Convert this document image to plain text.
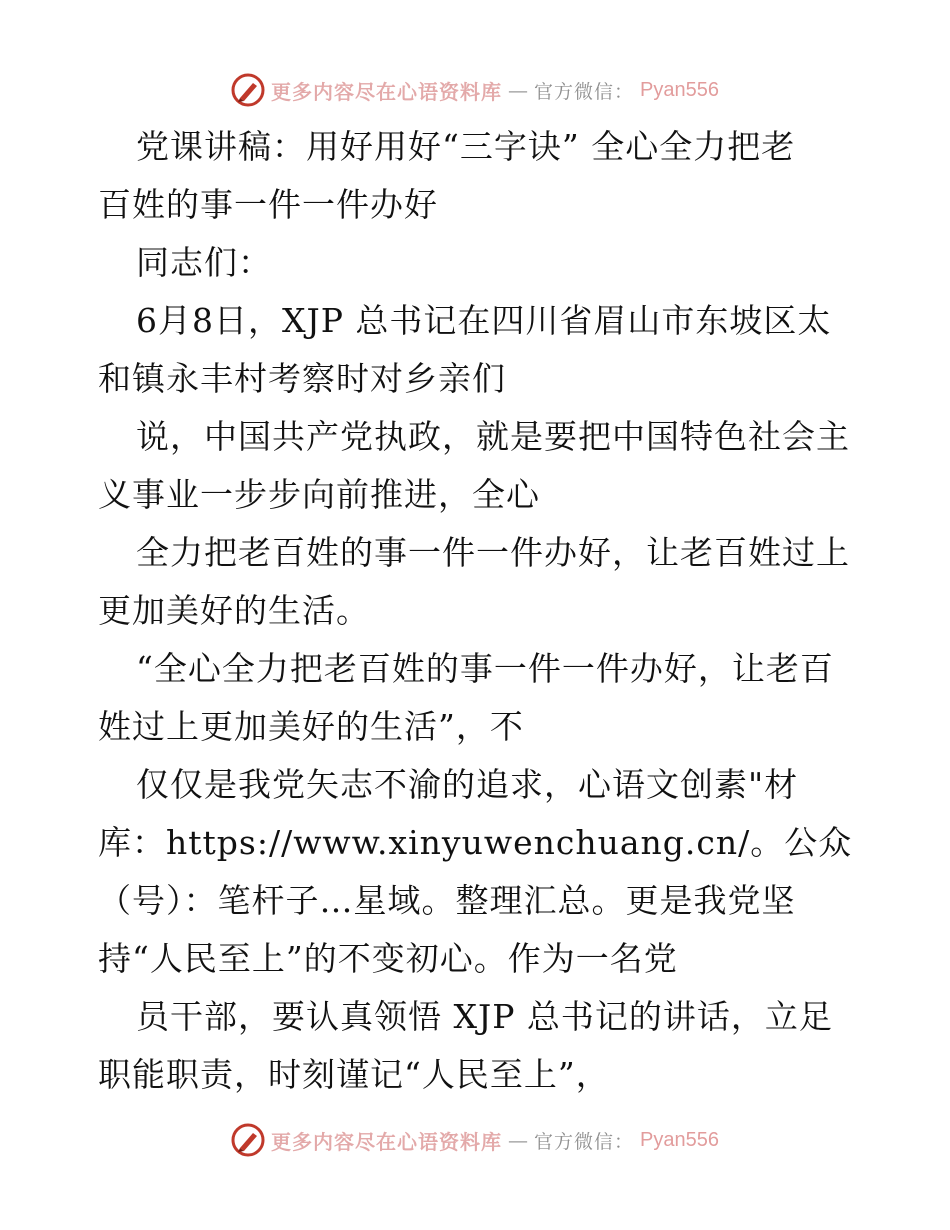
更多内容尽在心语资料库 — 官方微信： Pyan556
党课讲稿：用好用好“三字诀” 全心全力把老
百姓的事一件一件办好
同志们：
6月8日，XJP 总书记在四川省眉山市东坡区太
和镇永丰村考察时对乡亲们
说，中国共产党执政，就是要把中国特色社会主
义事业一步步向前推进，全心
全力把老百姓的事一件一件办好，让老百姓过上
更加美好的生活。
“全心全力把老百姓的事一件一件办好，让老百
姓过上更加美好的生活”，不
仅仅是我党矢志不渝的追求，心语文创素"材
库：https://www.xinyuwenchuang.cn/。公众
（号）：笔杆子…星域。整理汇总。更是我党坚
持“人民至上”的不变初心。作为一名党
员干部，要认真领悟 XJP 总书记的讲话，立足
职能职责，时刻谨记“人民至上”，
更多内容尽在心语资料库 — 官方微信： Pyan556
